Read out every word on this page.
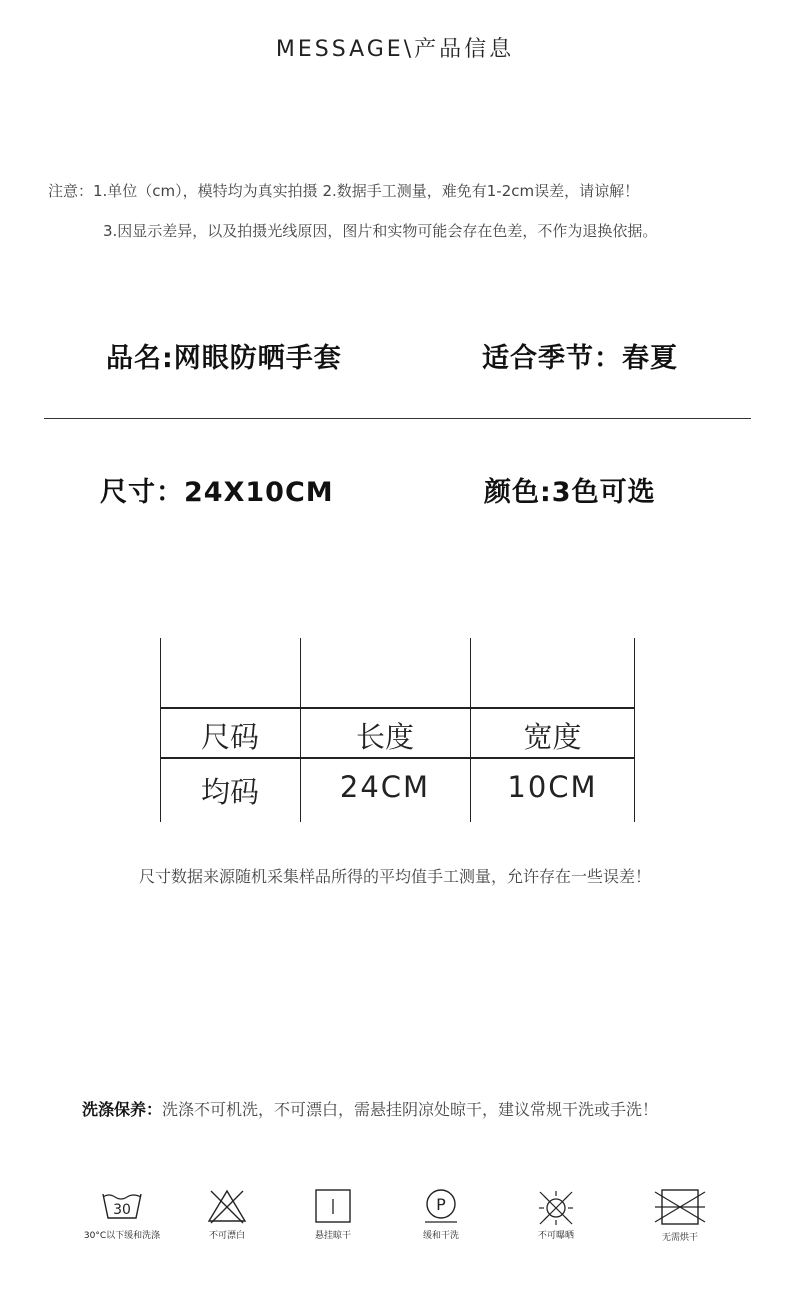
MESSAGE\产品信息
注意：1.单位（cm），模特均为真实拍摄 2.数据手工测量，难免有1-2cm误差，请谅解！
3.因显示差异，以及拍摄光线原因，图片和实物可能会存在色差，不作为退换依据。
品名:网眼防晒手套	适合季节：春夏
尺寸：24X10CM	颜色:3色可选
尺码	长度	宽度
均码	24CM	10CM
尺寸数据来源随机采集样品所得的平均值手工测量，允许存在一些误差！
洗涤保养：洗涤不可机洗，不可漂白，需悬挂阴凉处晾干，建议常规干洗或手洗！
30
30°C以下缓和洗涤	不可漂白	悬挂晾干
P
缓和干洗	不可曝晒	无需烘干
